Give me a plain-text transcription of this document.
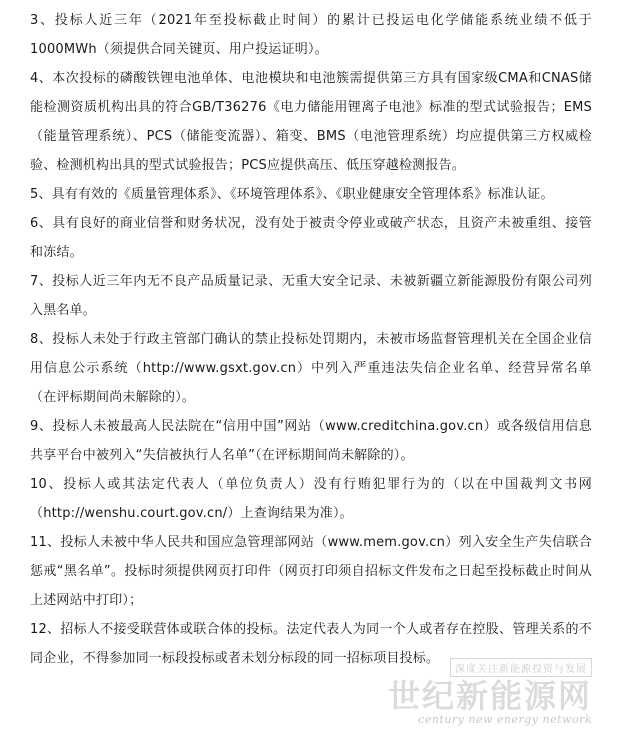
3、投标人近三年（2021年至投标截止时间）的累计已投运电化学储能系统业绩不低于1000MWh（须提供合同关键页、用户投运证明）。

4、本次投标的磷酸铁锂电池单体、电池模块和电池簇需提供第三方具有国家级CMA和CNAS储能检测资质机构出具的符合GB/T36276《电力储能用锂离子电池》标准的型式试验报告；EMS（能量管理系统）、PCS（储能变流器）、箱变、BMS（电池管理系统）均应提供第三方权威检验、检测机构出具的型式试验报告；PCS应提供高压、低压穿越检测报告。

5、具有有效的《质量管理体系》、《环境管理体系》、《职业健康安全管理体系》标准认证。

6、具有良好的商业信誉和财务状况，没有处于被责令停业或破产状态，且资产未被重组、接管和冻结。

7、投标人近三年内无不良产品质量记录、无重大安全记录、未被新疆立新能源股份有限公司列入黑名单。

8、投标人未处于行政主管部门确认的禁止投标处罚期内，未被市场监督管理机关在全国企业信用信息公示系统（http://www.gsxt.gov.cn）中列入严重违法失信企业名单、经营异常名单（在评标期间尚未解除的）。

9、投标人未被最高人民法院在“信用中国”网站（www.creditchina.gov.cn）或各级信用信息共享平台中被列入“失信被执行人名单”（在评标期间尚未解除的）。

10、投标人或其法定代表人（单位负责人）没有行贿犯罪行为的（以在中国裁判文书网（http://wenshu.court.gov.cn/）上查询结果为准）。

11、投标人未被中华人民共和国应急管理部网站（www.mem.gov.cn）列入安全生产失信联合惩戒“黑名单”。投标时须提供网页打印件（网页打印须自招标文件发布之日起至投标截止时间从上述网站中打印）；

12、招标人不接受联营体或联合体的投标。法定代表人为同一个人或者存在控股、管理关系的不同企业，不得参加同一标段投标或者未划分标段的同一招标项目投标。

深度关注新能源投资与发展
世纪新能源网
century new energy network
